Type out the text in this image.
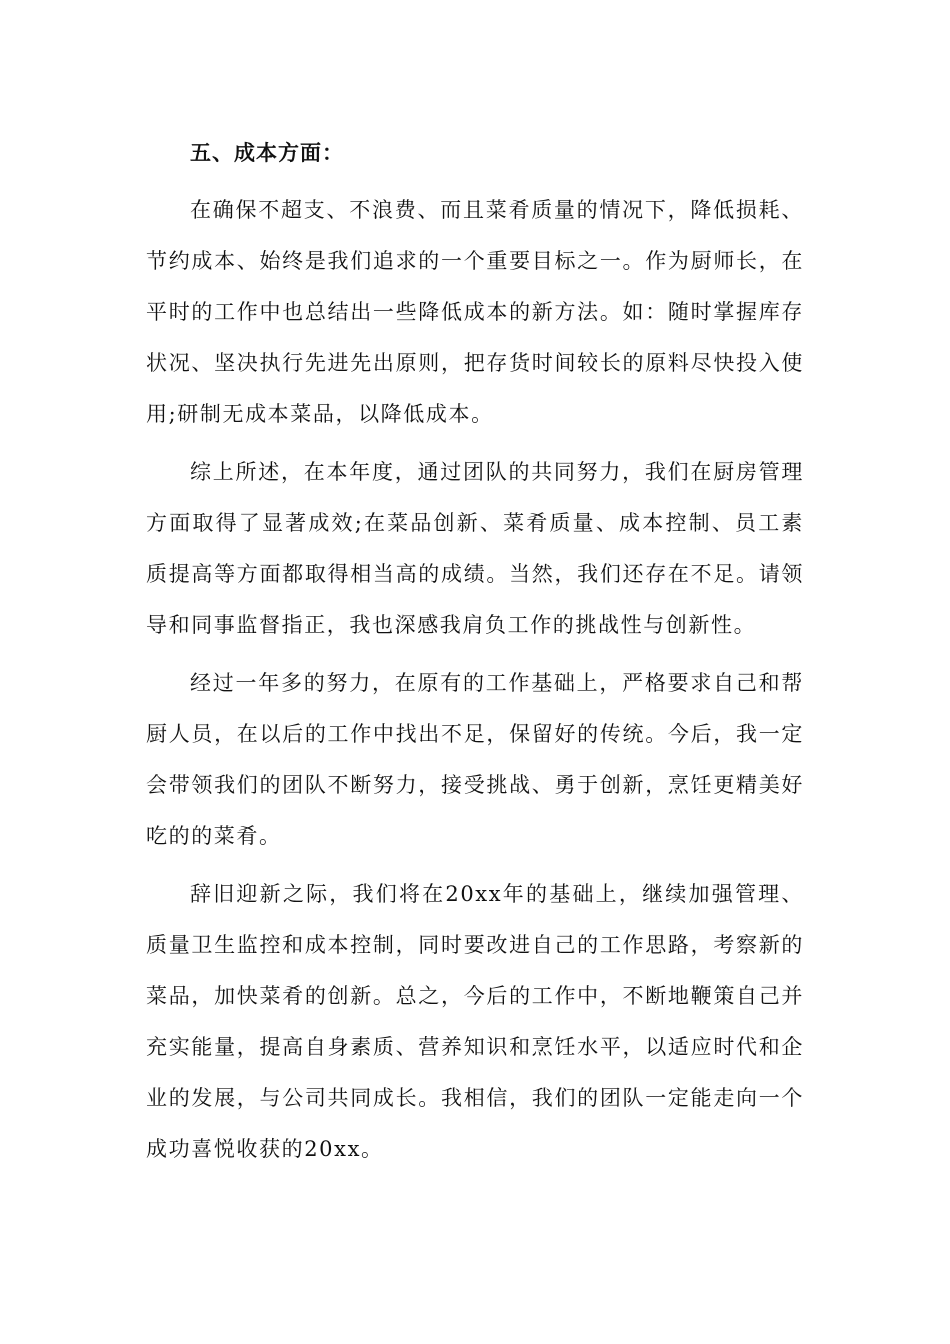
五、成本方面：

在确保不超支、不浪费、而且菜肴质量的情况下，降低损耗、节约成本、始终是我们追求的一个重要目标之一。作为厨师长，在平时的工作中也总结出一些降低成本的新方法。如：随时掌握库存状况、坚决执行先进先出原则，把存货时间较长的原料尽快投入使用;研制无成本菜品，以降低成本。

综上所述，在本年度，通过团队的共同努力，我们在厨房管理方面取得了显著成效;在菜品创新、菜肴质量、成本控制、员工素质提高等方面都取得相当高的成绩。当然，我们还存在不足。请领导和同事监督指正，我也深感我肩负工作的挑战性与创新性。

经过一年多的努力，在原有的工作基础上，严格要求自己和帮厨人员，在以后的工作中找出不足，保留好的传统。今后，我一定会带领我们的团队不断努力，接受挑战、勇于创新，烹饪更精美好吃的的菜肴。

辞旧迎新之际，我们将在20xx年的基础上，继续加强管理、质量卫生监控和成本控制，同时要改进自己的工作思路，考察新的菜品，加快菜肴的创新。总之，今后的工作中，不断地鞭策自己并充实能量，提高自身素质、营养知识和烹饪水平，以适应时代和企业的发展，与公司共同成长。我相信，我们的团队一定能走向一个成功喜悦收获的20xx。
